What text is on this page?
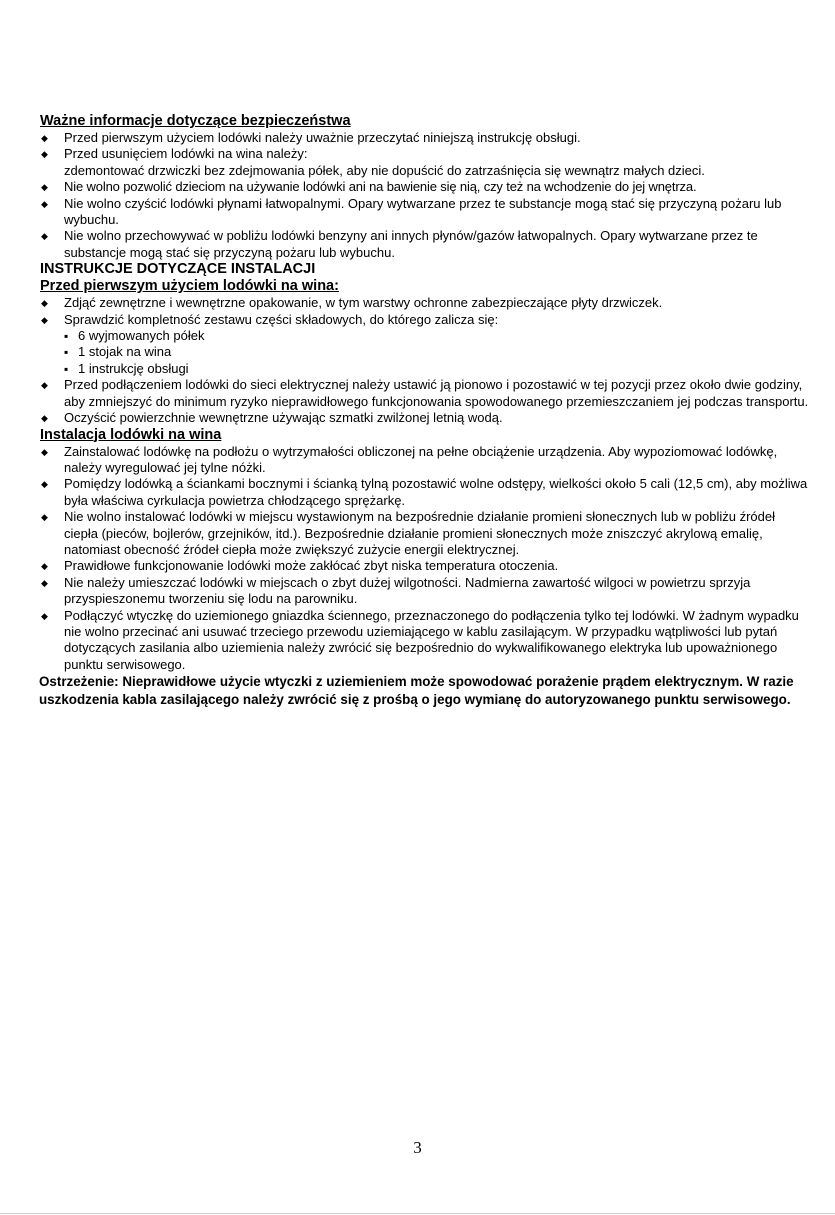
Ważne informacje dotyczące bezpieczeństwa
◆ Przed pierwszym użyciem lodówki należy uważnie przeczytać niniejszą instrukcję obsługi.
◆ Przed usunięciem lodówki na wina należy:
zdemontować drzwiczki bez zdejmowania półek, aby nie dopuścić do zatrzaśnięcia się wewnątrz małych dzieci.
◆ Nie wolno pozwolić dzieciom na używanie lodówki ani na bawienie się nią, czy też na wchodzenie do jej wnętrza.
◆ Nie wolno czyścić lodówki płynami łatwopalnymi. Opary wytwarzane przez te substancje mogą stać się przyczyną pożaru lub wybuchu.
◆ Nie wolno przechowywać w pobliżu lodówki benzyny ani innych płynów/gazów łatwopalnych. Opary wytwarzane przez te substancje mogą stać się przyczyną pożaru lub wybuchu.
INSTRUKCJE DOTYCZĄCE INSTALACJI
Przed pierwszym użyciem lodówki na wina:
◆ Zdjąć zewnętrzne i wewnętrzne opakowanie, w tym warstwy ochronne zabezpieczające płyty drzwiczek.
◆ Sprawdzić kompletność zestawu części składowych, do którego zalicza się:
▪ 6 wyjmowanych półek
▪ 1 stojak na wina
▪ 1 instrukcję obsługi
◆ Przed podłączeniem lodówki do sieci elektrycznej należy ustawić ją pionowo i pozostawić w tej pozycji przez około dwie godziny, aby zmniejszyć do minimum ryzyko nieprawidłowego funkcjonowania spowodowanego przemieszczaniem jej podczas transportu.
◆ Oczyścić powierzchnie wewnętrzne używając szmatki zwilżonej letnią wodą.
Instalacja lodówki na wina
◆ Zainstalować lodówkę na podłożu o wytrzymałości obliczonej na pełne obciążenie urządzenia. Aby wypoziomować lodówkę, należy wyregulować jej tylne nóżki.
◆ Pomiędzy lodówką a ściankami bocznymi i ścianką tylną pozostawić wolne odstępy, wielkości około 5 cali (12,5 cm), aby możliwa była właściwa cyrkulacja powietrza chłodzącego sprężarkę.
◆ Nie wolno instalować lodówki w miejscu wystawionym na bezpośrednie działanie promieni słonecznych lub w pobliżu źródeł ciepła (pieców, bojlerów, grzejników, itd.). Bezpośrednie działanie promieni słonecznych może zniszczyć akrylową emalię, natomiast obecność źródeł ciepła może zwiększyć zużycie energii elektrycznej.
◆ Prawidłowe funkcjonowanie lodówki może zakłócać zbyt niska temperatura otoczenia.
◆ Nie należy umieszczać lodówki w miejscach o zbyt dużej wilgotności. Nadmierna zawartość wilgoci w powietrzu sprzyja przyspieszonemu tworzeniu się lodu na parowniku.
◆ Podłączyć wtyczkę do uziemionego gniazdka ściennego, przeznaczonego do podłączenia tylko tej lodówki. W żadnym wypadku nie wolno przecinać ani usuwać trzeciego przewodu uziemiającego w kablu zasilającym. W przypadku wątpliwości lub pytań dotyczących zasilania albo uziemienia należy zwrócić się bezpośrednio do wykwalifikowanego elektryka lub upoważnionego punktu serwisowego.
Ostrzeżenie: Nieprawidłowe użycie wtyczki z uziemieniem może spowodować porażenie prądem elektrycznym. W razie uszkodzenia kabla zasilającego należy zwrócić się z prośbą o jego wymianę do autoryzowanego punktu serwisowego.
3
